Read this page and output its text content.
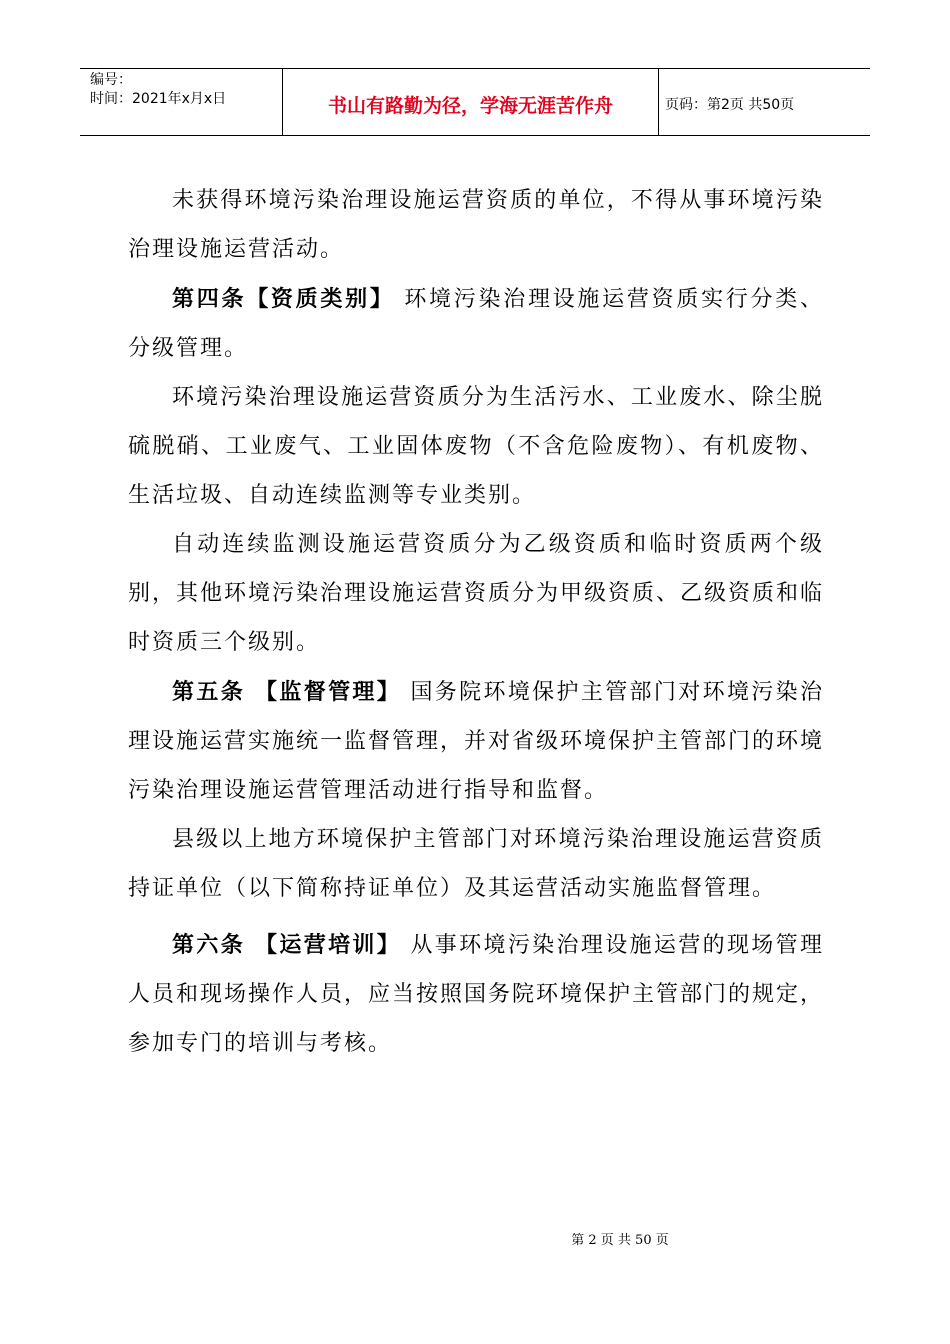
编号：
时间：2021年x月x日	书山有路勤为径，学海无涯苦作舟	页码：第2页 共50页

未获得环境污染治理设施运营资质的单位，不得从事环境污染治理设施运营活动。

第四条【资质类别】 环境污染治理设施运营资质实行分类、分级管理。

环境污染治理设施运营资质分为生活污水、工业废水、除尘脱硫脱硝、工业废气、工业固体废物（不含危险废物）、有机废物、生活垃圾、自动连续监测等专业类别。

自动连续监测设施运营资质分为乙级资质和临时资质两个级别，其他环境污染治理设施运营资质分为甲级资质、乙级资质和临时资质三个级别。

第五条 【监督管理】 国务院环境保护主管部门对环境污染治理设施运营实施统一监督管理，并对省级环境保护主管部门的环境污染治理设施运营管理活动进行指导和监督。

县级以上地方环境保护主管部门对环境污染治理设施运营资质持证单位（以下简称持证单位）及其运营活动实施监督管理。

第六条 【运营培训】 从事环境污染治理设施运营的现场管理人员和现场操作人员，应当按照国务院环境保护主管部门的规定，参加专门的培训与考核。

第 2 页 共 50 页
